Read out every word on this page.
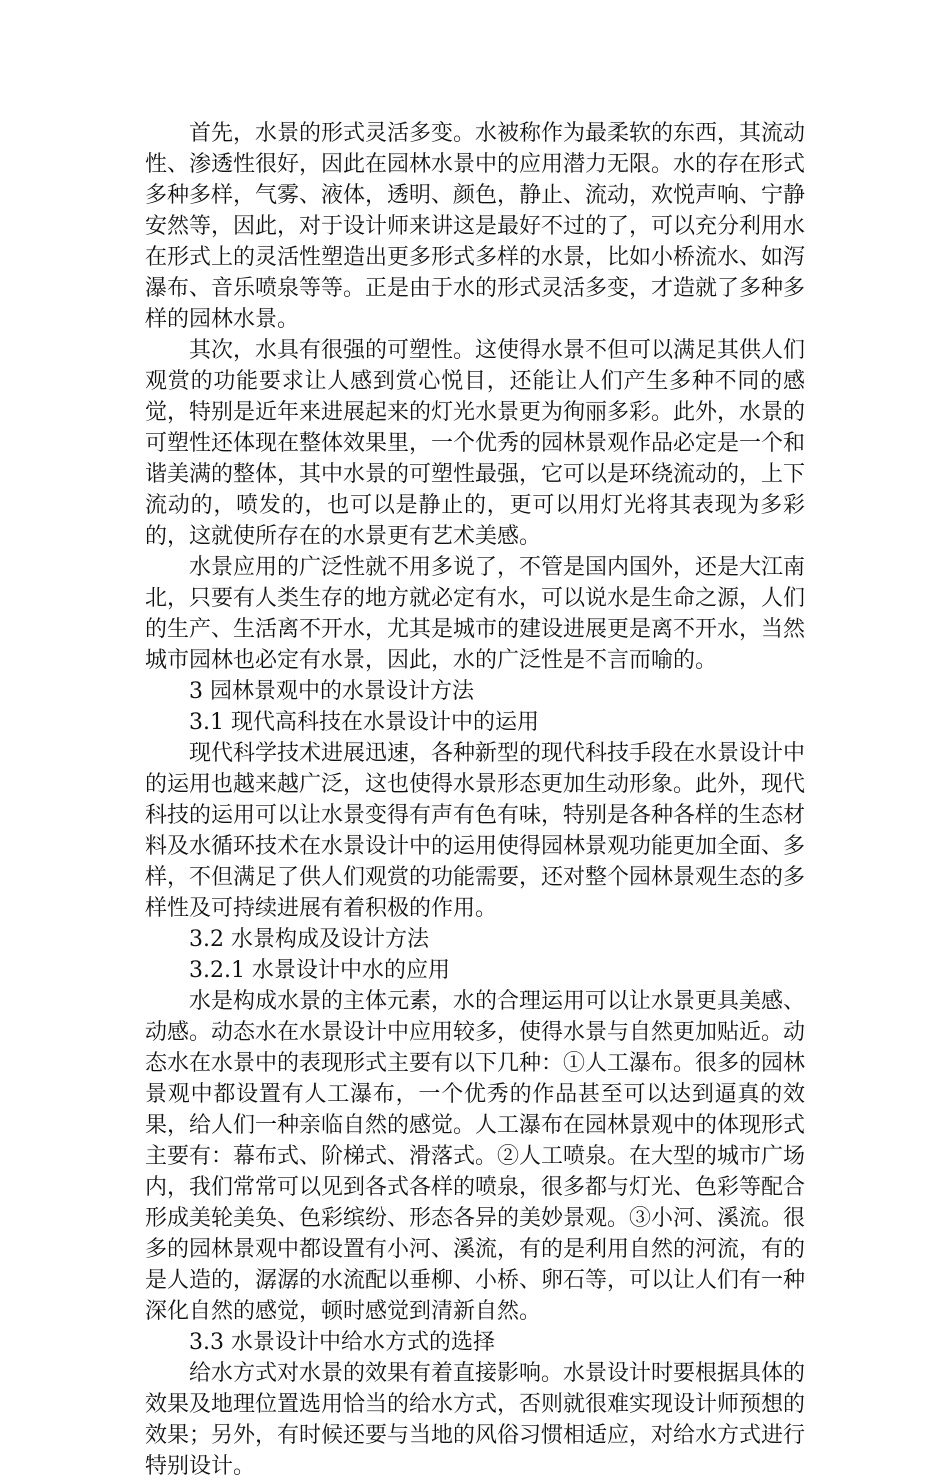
首先，水景的形式灵活多变。水被称作为最柔软的东西，其流动性、渗透性很好，因此在园林水景中的应用潜力无限。水的存在形式多种多样，气雾、液体，透明、颜色，静止、流动，欢悦声响、宁静安然等，因此，对于设计师来讲这是最好不过的了，可以充分利用水在形式上的灵活性塑造出更多形式多样的水景，比如小桥流水、如泻瀑布、音乐喷泉等等。正是由于水的形式灵活多变，才造就了多种多样的园林水景。

其次，水具有很强的可塑性。这使得水景不但可以满足其供人们观赏的功能要求让人感到赏心悦目，还能让人们产生多种不同的感觉，特别是近年来进展起来的灯光水景更为徇丽多彩。此外，水景的可塑性还体现在整体效果里，一个优秀的园林景观作品必定是一个和谐美满的整体，其中水景的可塑性最强，它可以是环绕流动的，上下流动的，喷发的，也可以是静止的，更可以用灯光将其表现为多彩的，这就使所存在的水景更有艺术美感。

水景应用的广泛性就不用多说了，不管是国内国外，还是大江南北，只要有人类生存的地方就必定有水，可以说水是生命之源，人们的生产、生活离不开水，尤其是城市的建设进展更是离不开水，当然城市园林也必定有水景，因此，水的广泛性是不言而喻的。

3 园林景观中的水景设计方法

3.1 现代高科技在水景设计中的运用

现代科学技术进展迅速，各种新型的现代科技手段在水景设计中的运用也越来越广泛，这也使得水景形态更加生动形象。此外，现代科技的运用可以让水景变得有声有色有味，特别是各种各样的生态材料及水循环技术在水景设计中的运用使得园林景观功能更加全面、多样，不但满足了供人们观赏的功能需要，还对整个园林景观生态的多样性及可持续进展有着积极的作用。

3.2 水景构成及设计方法

3.2.1 水景设计中水的应用

水是构成水景的主体元素，水的合理运用可以让水景更具美感、动感。动态水在水景设计中应用较多，使得水景与自然更加贴近。动态水在水景中的表现形式主要有以下几种：①人工瀑布。很多的园林景观中都设置有人工瀑布，一个优秀的作品甚至可以达到逼真的效果，给人们一种亲临自然的感觉。人工瀑布在园林景观中的体现形式主要有：幕布式、阶梯式、滑落式。②人工喷泉。在大型的城市广场内，我们常常可以见到各式各样的喷泉，很多都与灯光、色彩等配合形成美轮美奂、色彩缤纷、形态各异的美妙景观。③小河、溪流。很多的园林景观中都设置有小河、溪流，有的是利用自然的河流，有的是人造的，潺潺的水流配以垂柳、小桥、卵石等，可以让人们有一种深化自然的感觉，顿时感觉到清新自然。

3.3 水景设计中给水方式的选择

给水方式对水景的效果有着直接影响。水景设计时要根据具体的效果及地理位置选用恰当的给水方式，否则就很难实现设计师预想的效果；另外，有时候还要与当地的风俗习惯相适应，对给水方式进行特别设计。
